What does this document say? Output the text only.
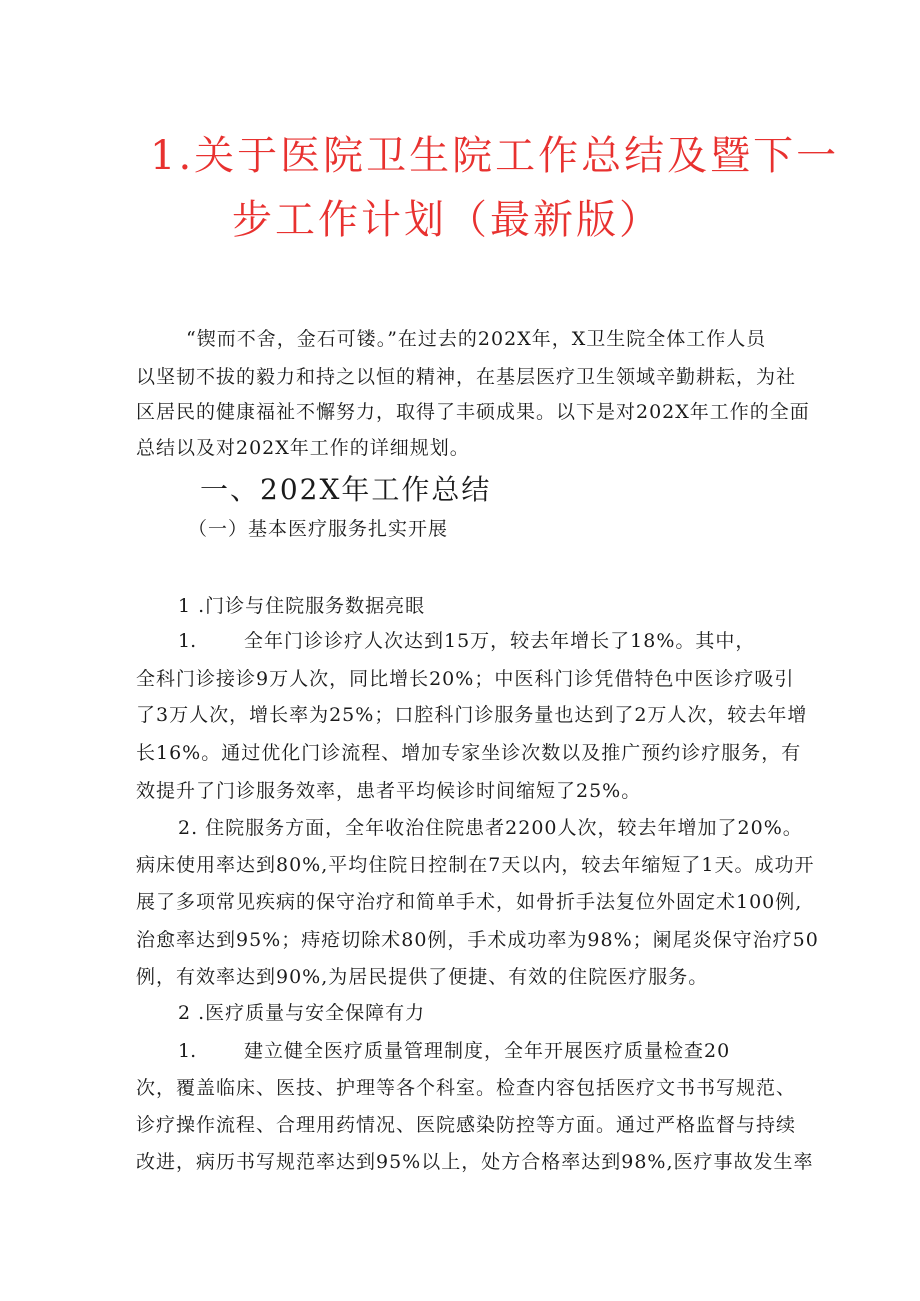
1.关于医院卫生院工作总结及暨下一
步工作计划（最新版）
“锲而不舍，金石可镂。”在过去的202X年，X卫生院全体工作人员
以坚韧不拔的毅力和持之以恒的精神，在基层医疗卫生领域辛勤耕耘，为社
区居民的健康福祉不懈努力，取得了丰硕成果。以下是对202X年工作的全面
总结以及对202X年工作的详细规划。
一、202X年工作总结
（一）基本医疗服务扎实开展
1 .门诊与住院服务数据亮眼
1.	全年门诊诊疗人次达到15万，较去年增长了18%。其中，
全科门诊接诊9万人次，同比增长20%；中医科门诊凭借特色中医诊疗吸引
了3万人次，增长率为25%；口腔科门诊服务量也达到了2万人次，较去年增
长16%。通过优化门诊流程、增加专家坐诊次数以及推广预约诊疗服务，有
效提升了门诊服务效率，患者平均候诊时间缩短了25%。
2. 住院服务方面，全年收治住院患者2200人次，较去年增加了20%。
病床使用率达到80%,平均住院日控制在7天以内，较去年缩短了1天。成功开
展了多项常见疾病的保守治疗和简单手术，如骨折手法复位外固定术100例,
治愈率达到95%；痔疮切除术80例，手术成功率为98%；阑尾炎保守治疗50
例，有效率达到90%,为居民提供了便捷、有效的住院医疗服务。
2 .医疗质量与安全保障有力
1.	建立健全医疗质量管理制度，全年开展医疗质量检查20
次，覆盖临床、医技、护理等各个科室。检查内容包括医疗文书书写规范、
诊疗操作流程、合理用药情况、医院感染防控等方面。通过严格监督与持续
改进，病历书写规范率达到95%以上，处方合格率达到98%,医疗事故发生率
